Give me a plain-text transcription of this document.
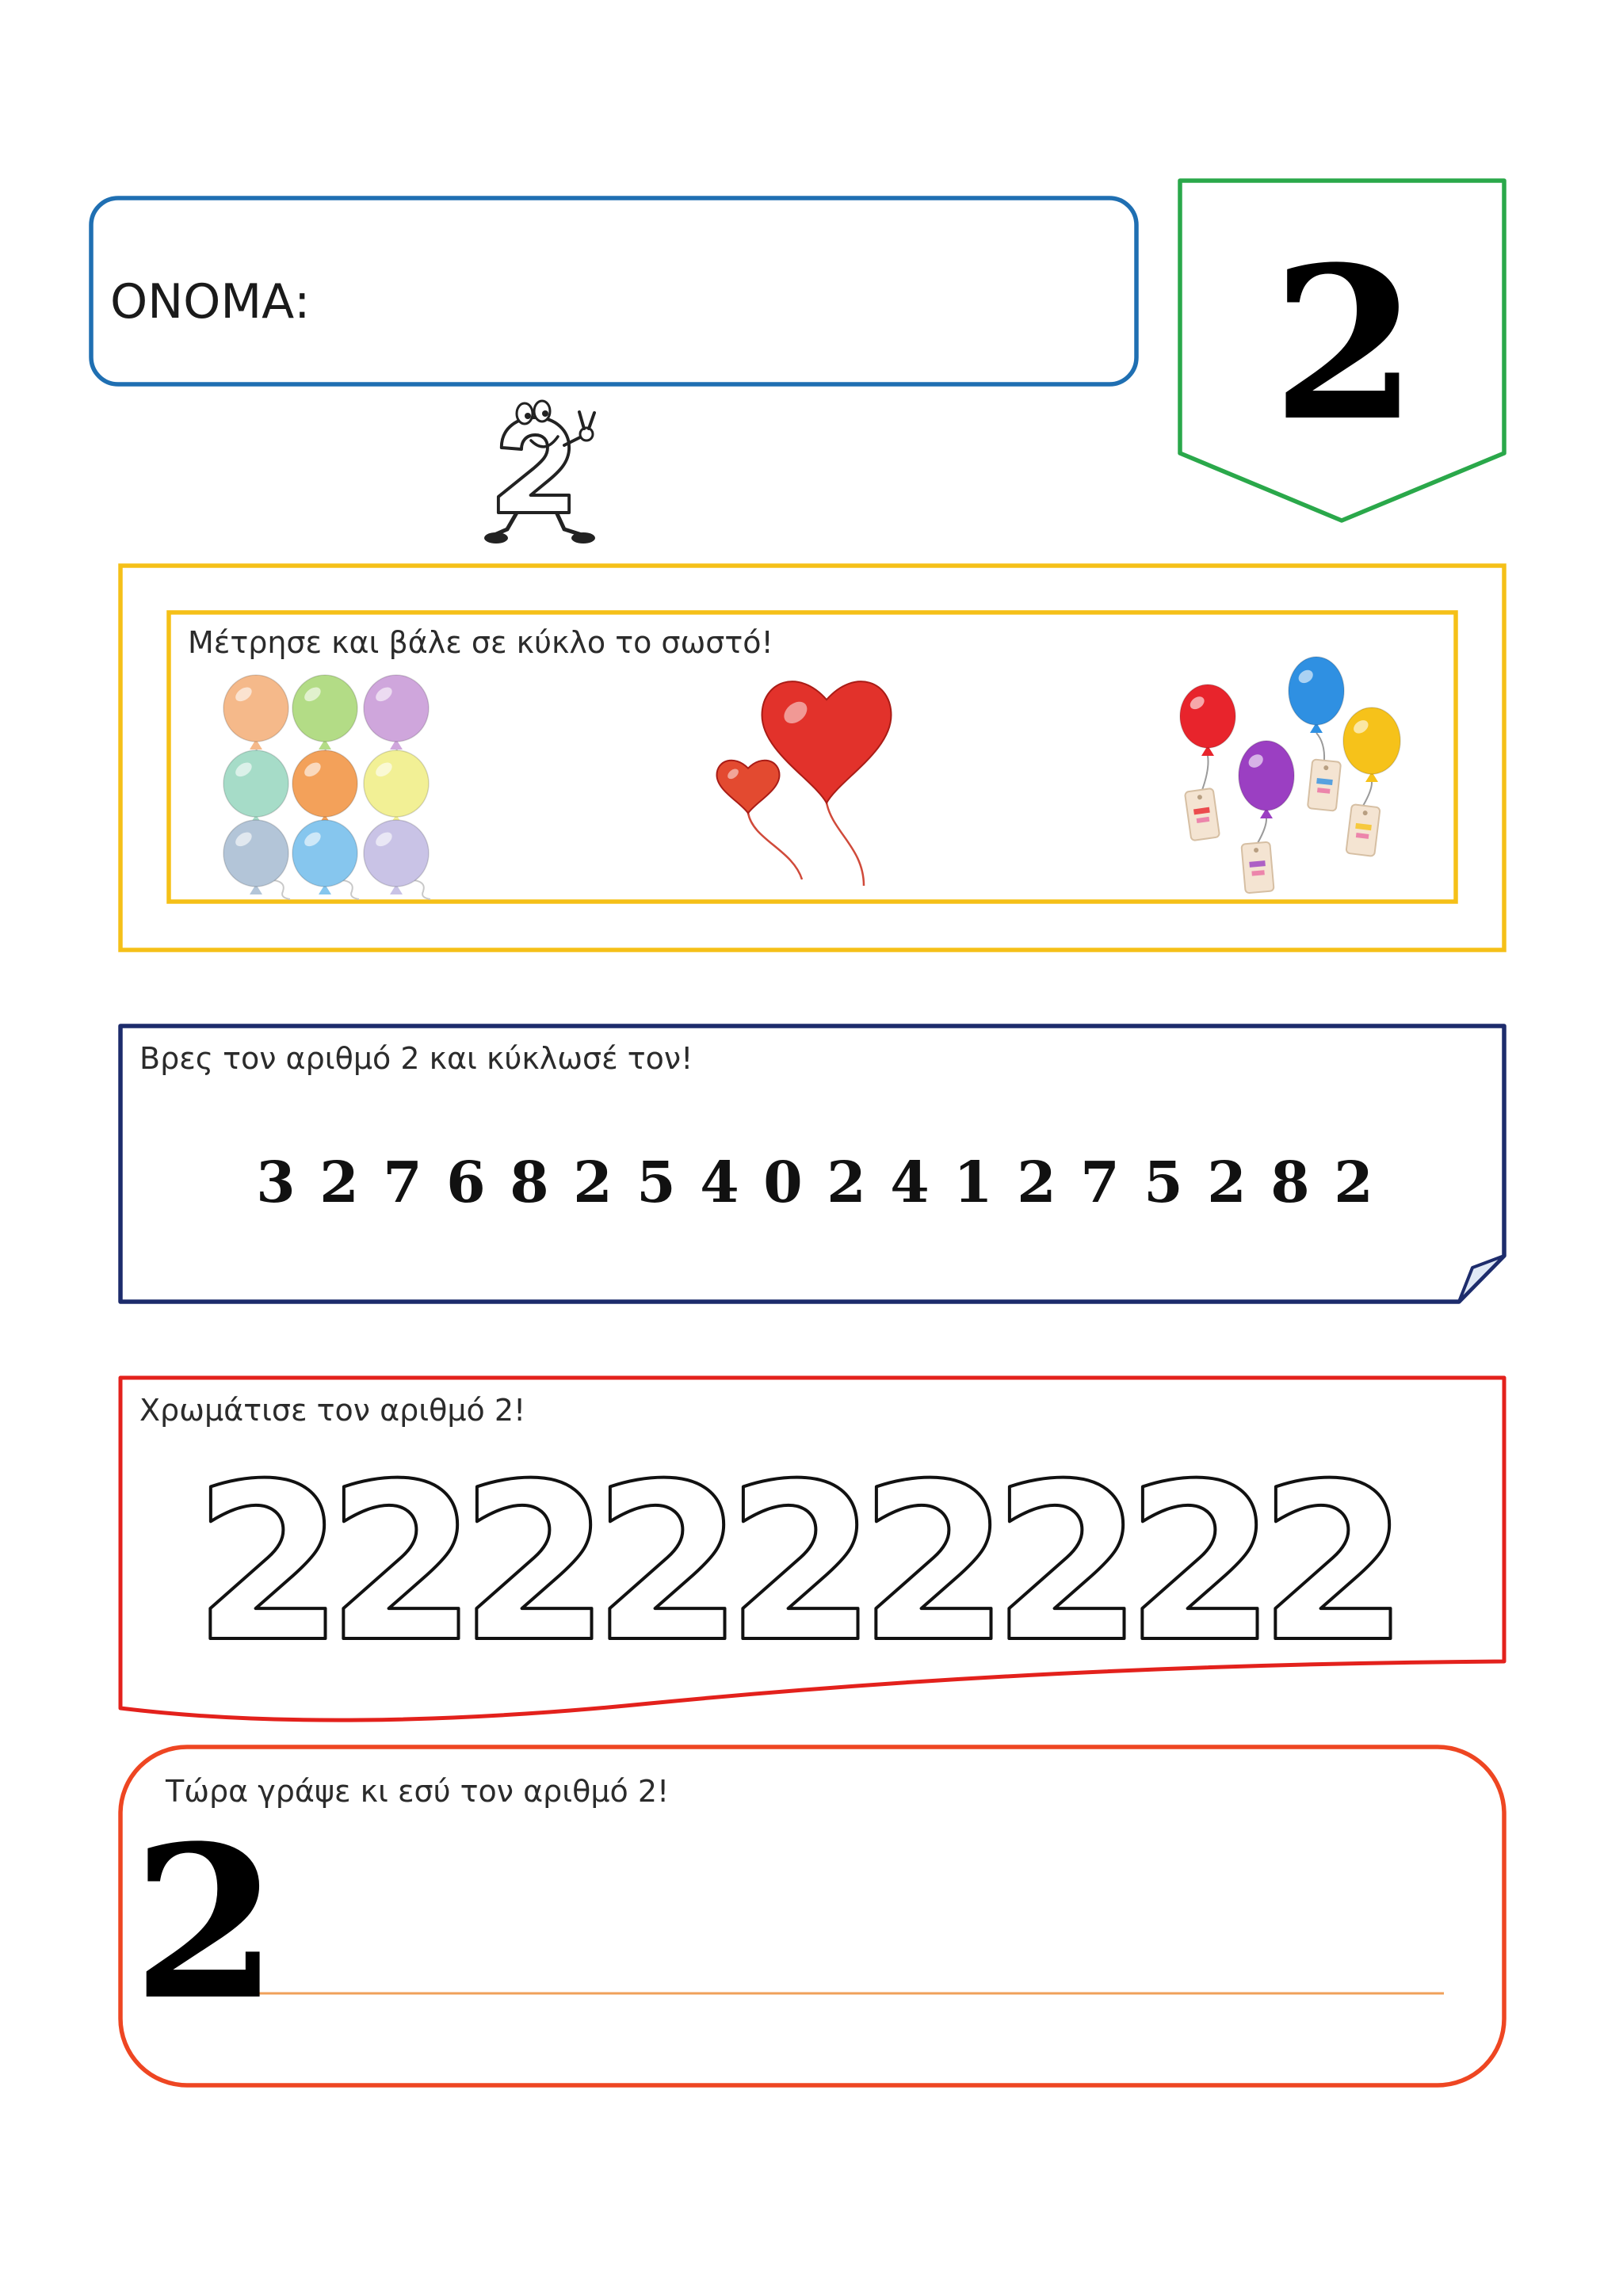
ΟΝΟΜΑ:	2
Μέτρησε και βάλε σε κύκλο το σωστό!
Βρες τον αριθμό 2 και κύκλωσέ τον!
3 2 7 6 8 2 5 4 0 2 4 1 2 7 5 2 8 2
Χρωμάτισε τον αριθμό 2!
2
2
2
2
2
2
2
2
2
Τώρα γράψε κι εσύ τον αριθμό 2!
2
